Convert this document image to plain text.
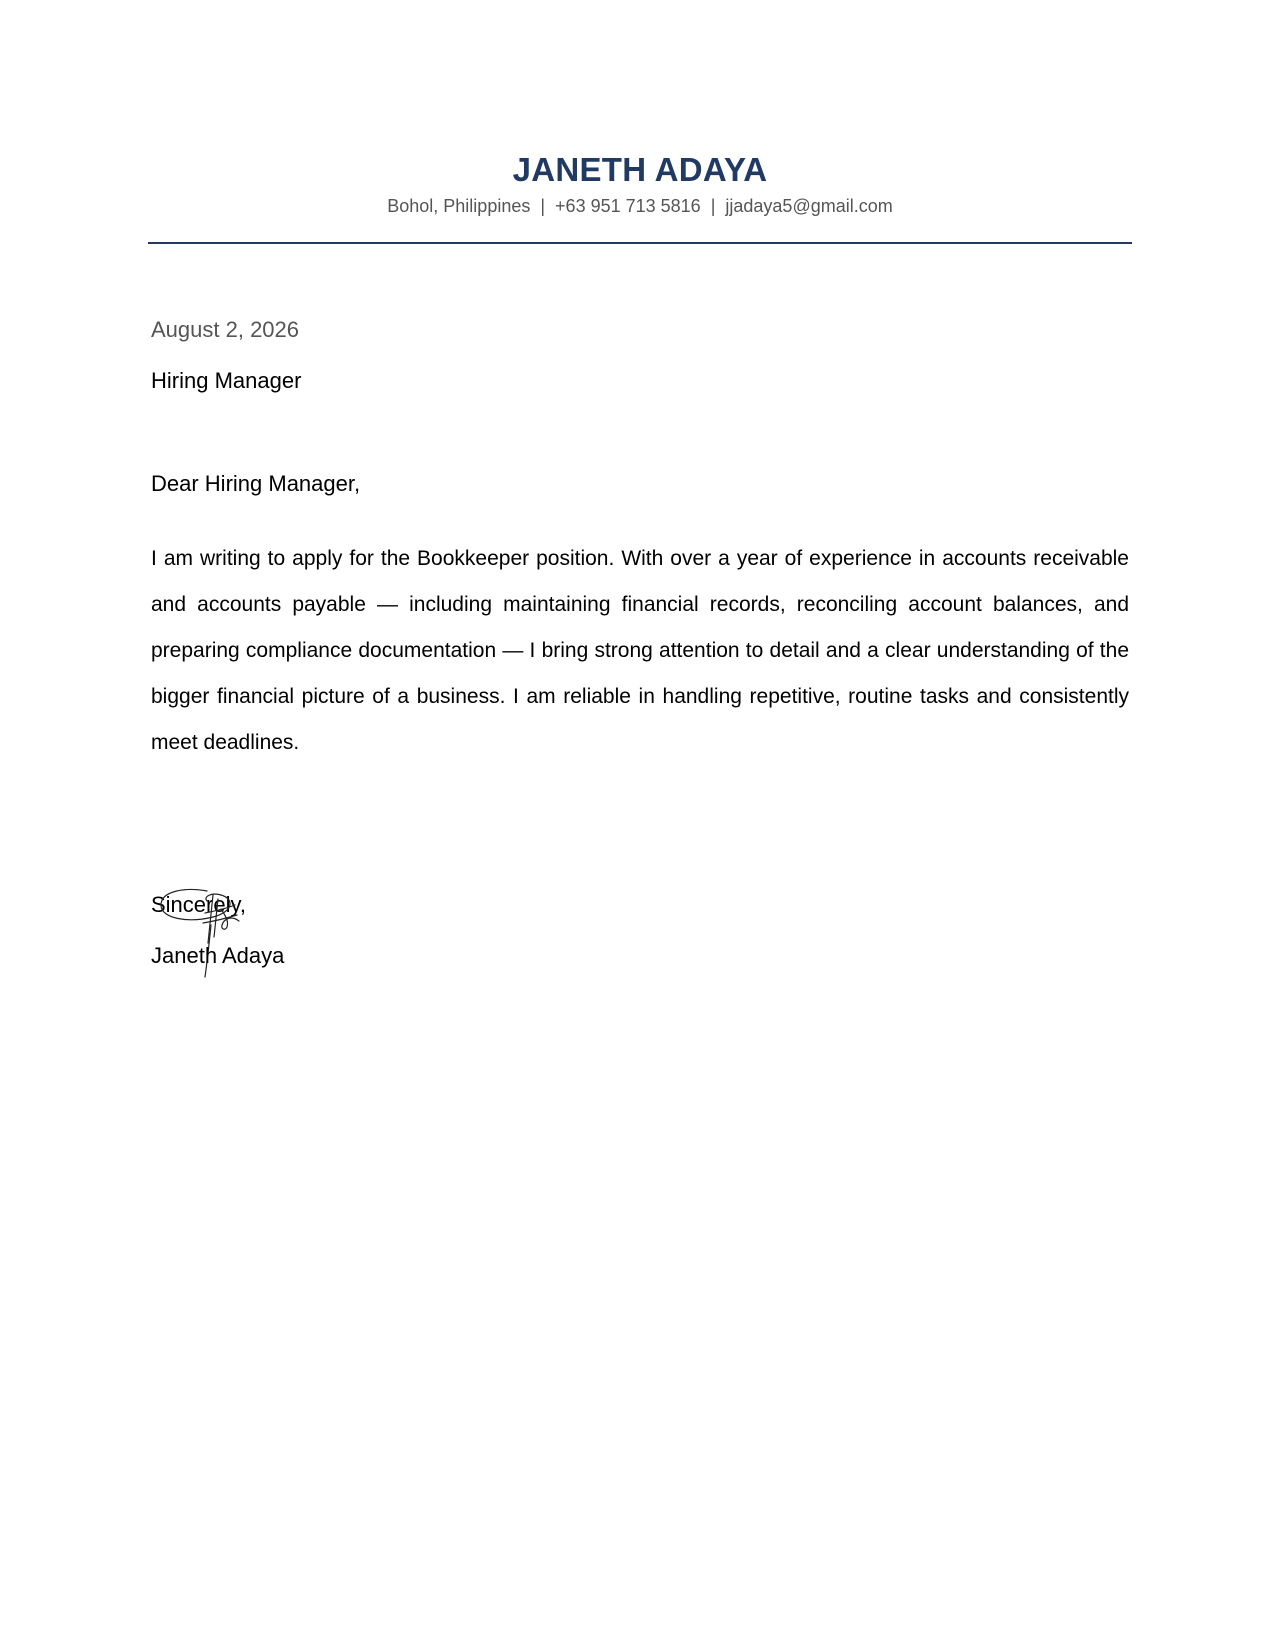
JANETH ADAYA
Bohol, Philippines | +63 951 713 5816 | jjadaya5@gmail.com
August 2, 2026
Hiring Manager
Dear Hiring Manager,

I am writing to apply for the Bookkeeper position. With over a year of experience in accounts receivable and accounts payable — including maintaining financial records, reconciling account balances, and preparing compliance documentation — I bring strong attention to detail and a clear understanding of the bigger financial picture of a business. I am reliable in handling repetitive, routine tasks and consistently meet deadlines.

Sincerely,
Janeth Adaya
